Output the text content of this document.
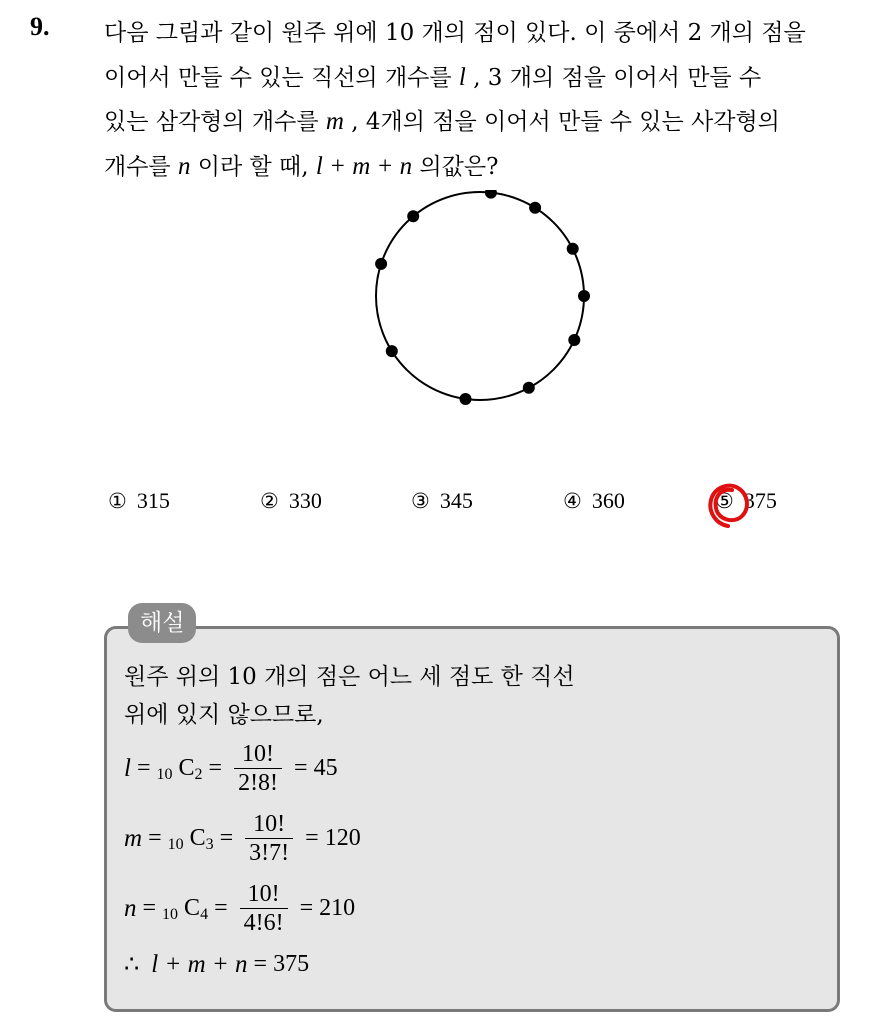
9. 다음 그림과 같이 원주 위에 10 개의 점이 있다. 이 중에서 2 개의 점을
이어서 만들 수 있는 직선의 개수를 l , 3 개의 점을 이어서 만들 수
있는 삼각형의 개수를 m , 4개의 점을 이어서 만들 수 있는 사각형의
개수를 n 이라 할 때, l + m + n 의값은?
① 315	② 330	③ 345	④ 360	⑤ 375
해설
원주 위의 10 개의 점은 어느 세 점도 한 직선
위에 있지 않으므로,
l = 10
C $2 = \frac{10!}{2!8!} = 45$
m = 10
C $3 = \frac{10!}{3!7!} = 120$
n = 10
C $4 = \frac{10!}{4!6!} = 210$
∴
l + m + n = 375
